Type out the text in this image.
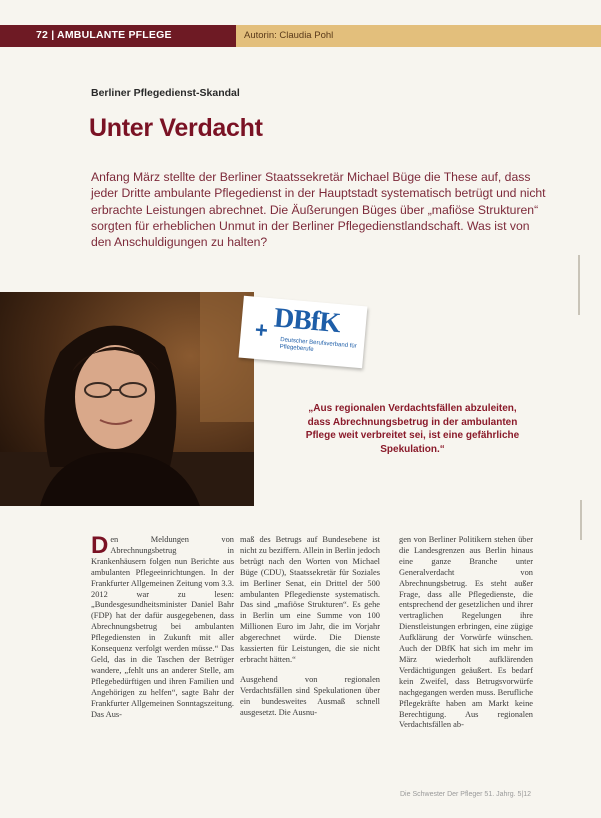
72 | AMBULANTE PFLEGE	Autorin: Claudia Pohl
Berliner Pflegedienst-Skandal
Unter Verdacht
Anfang März stellte der Berliner Staatssekretär Michael Büge die These auf, dass jeder Dritte ambulante Pflegedienst in der Hauptstadt systematisch betrügt und nicht erbrachte Leistungen abrechnet. Die Äußerungen Büges über „mafiöse Strukturen“ sorgten für erheblichen Unmut in der Berliner Pflegedienstlandschaft. Was ist von den Anschuldigungen zu halten?
+ DBfK
Deutscher Berufsverband für Pflegeberufe
„Aus regionalen Verdachtsfällen abzuleiten, dass Abrechnungsbetrug in der ambulanten Pflege weit verbreitet sei, ist eine gefährliche Spekulation.“
Den Meldungen von Abrechnungsbetrug in Krankenhäusern folgen nun Berichte aus ambulanten Pflegeeinrichtungen. In der Frankfurter Allgemeinen Zeitung vom 3.3. 2012 war zu lesen: „Bundesgesundheitsminister Daniel Bahr (FDP) hat der dafür ausgegebenen, dass Abrechnungsbetrug bei ambulanten Pflegediensten in Zukunft mit aller Konsequenz verfolgt werden müsse.“ Das Geld, das in die Taschen der Betrüger wandere, „fehlt uns an anderer Stelle, am Pflegebedürftigen und ihren Familien und Angehörigen zu helfen“, sagte Bahr der Frankfurter Allgemeinen Sonntagszeitung. Das Aus-
maß des Betrugs auf Bundesebene ist nicht zu beziffern. Allein in Berlin jedoch betrügt nach den Worten von Michael Büge (CDU), Staatssekretär für Soziales im Berliner Senat, ein Drittel der 500 ambulanten Pflegedienste systematisch. Das sind „mafiöse Strukturen“. Es gehe in Berlin um eine Summe von 100 Millionen Euro im Jahr, die im Vorjahr abgerechnet würde. Die Dienste kassierten für Leistungen, die sie nicht erbracht hätten.“
Ausgehend von regionalen Verdachtsfällen sind Spekulationen über ein bundesweites Ausmaß schnell ausgesetzt. Die Ausnu-
gen von Berliner Politikern stehen über die Landesgrenzen aus Berlin hinaus eine ganze Branche unter Generalverdacht von Abrechnungsbetrug. Es steht außer Frage, dass alle Pflegedienste, die entsprechend der gesetzlichen und ihrer vertraglichen Regelungen ihre Dienstleistungen erbringen, eine zügige Aufklärung der Vorwürfe wünschen. Auch der DBfK hat sich im mehr im März wiederholt aufklärenden Verdächtigungen geäußert. Es bedarf kein Zweifel, dass Betrugsvorwürfe nachgegangen werden muss. Berufliche Pflegekräfte haben am Markt keine Berechtigung. Aus regionalen Verdachtsfällen ab-
Die Schwester Der Pfleger 51. Jahrg. 5|12
